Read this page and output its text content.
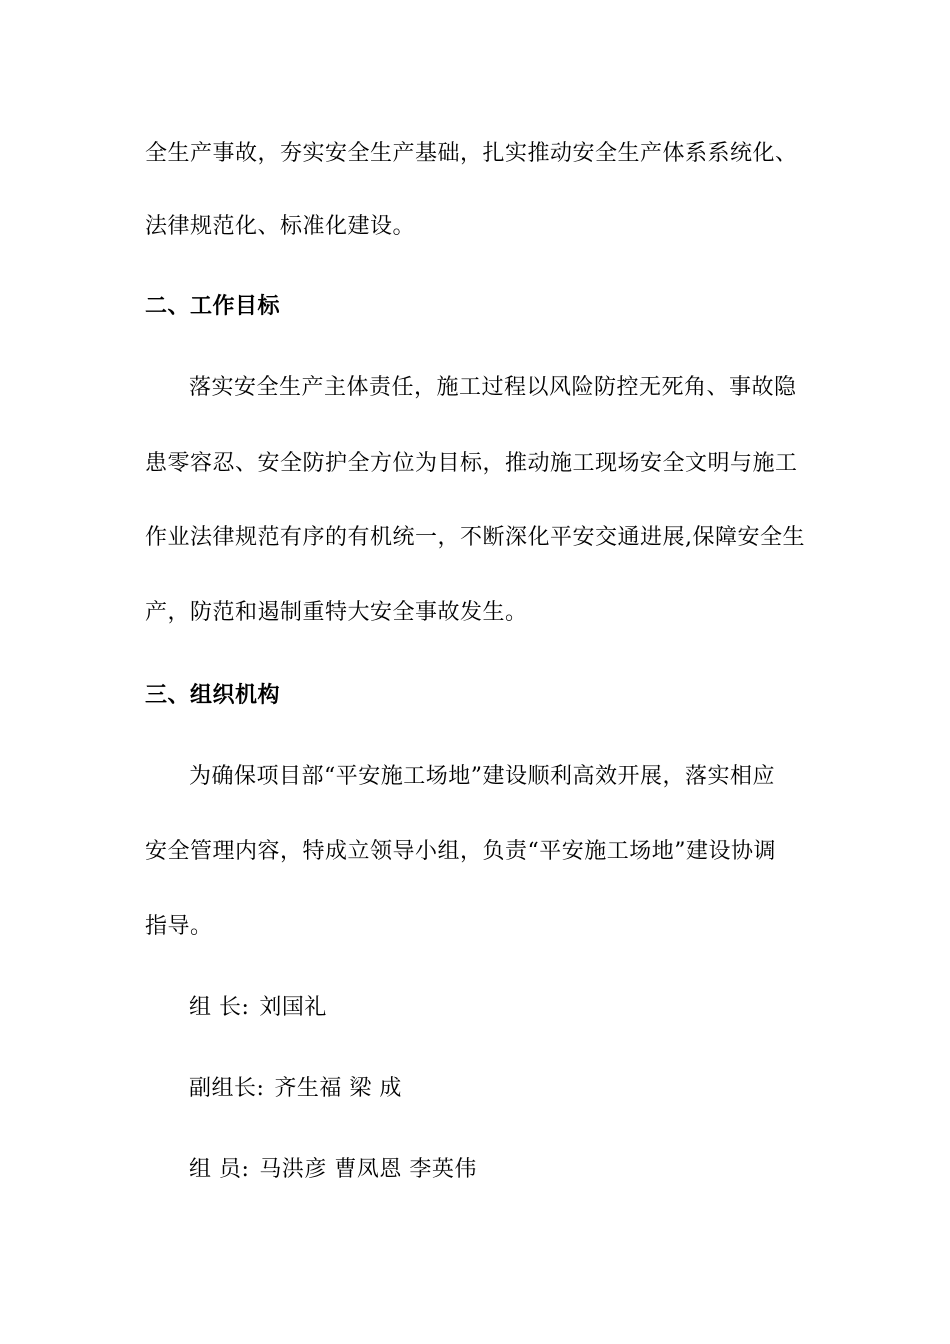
全生产事故，夯实安全生产基础，扎实推动安全生产体系系统化、
法律规范化、标准化建设。
二、工作目标
落实安全生产主体责任，施工过程以风险防控无死角、事故隐
患零容忍、安全防护全方位为目标，推动施工现场安全文明与施工
作业法律规范有序的有机统一，不断深化平安交通进展,保障安全生
产，防范和遏制重特大安全事故发生。
三、组织机构
为确保项目部“平安施工场地”建设顺利高效开展，落实相应
安全管理内容，特成立领导小组，负责“平安施工场地”建设协调
指导。
组 长: 刘国礼
副组长: 齐生福 梁 成
组 员: 马洪彦 曹凤恩 李英伟
